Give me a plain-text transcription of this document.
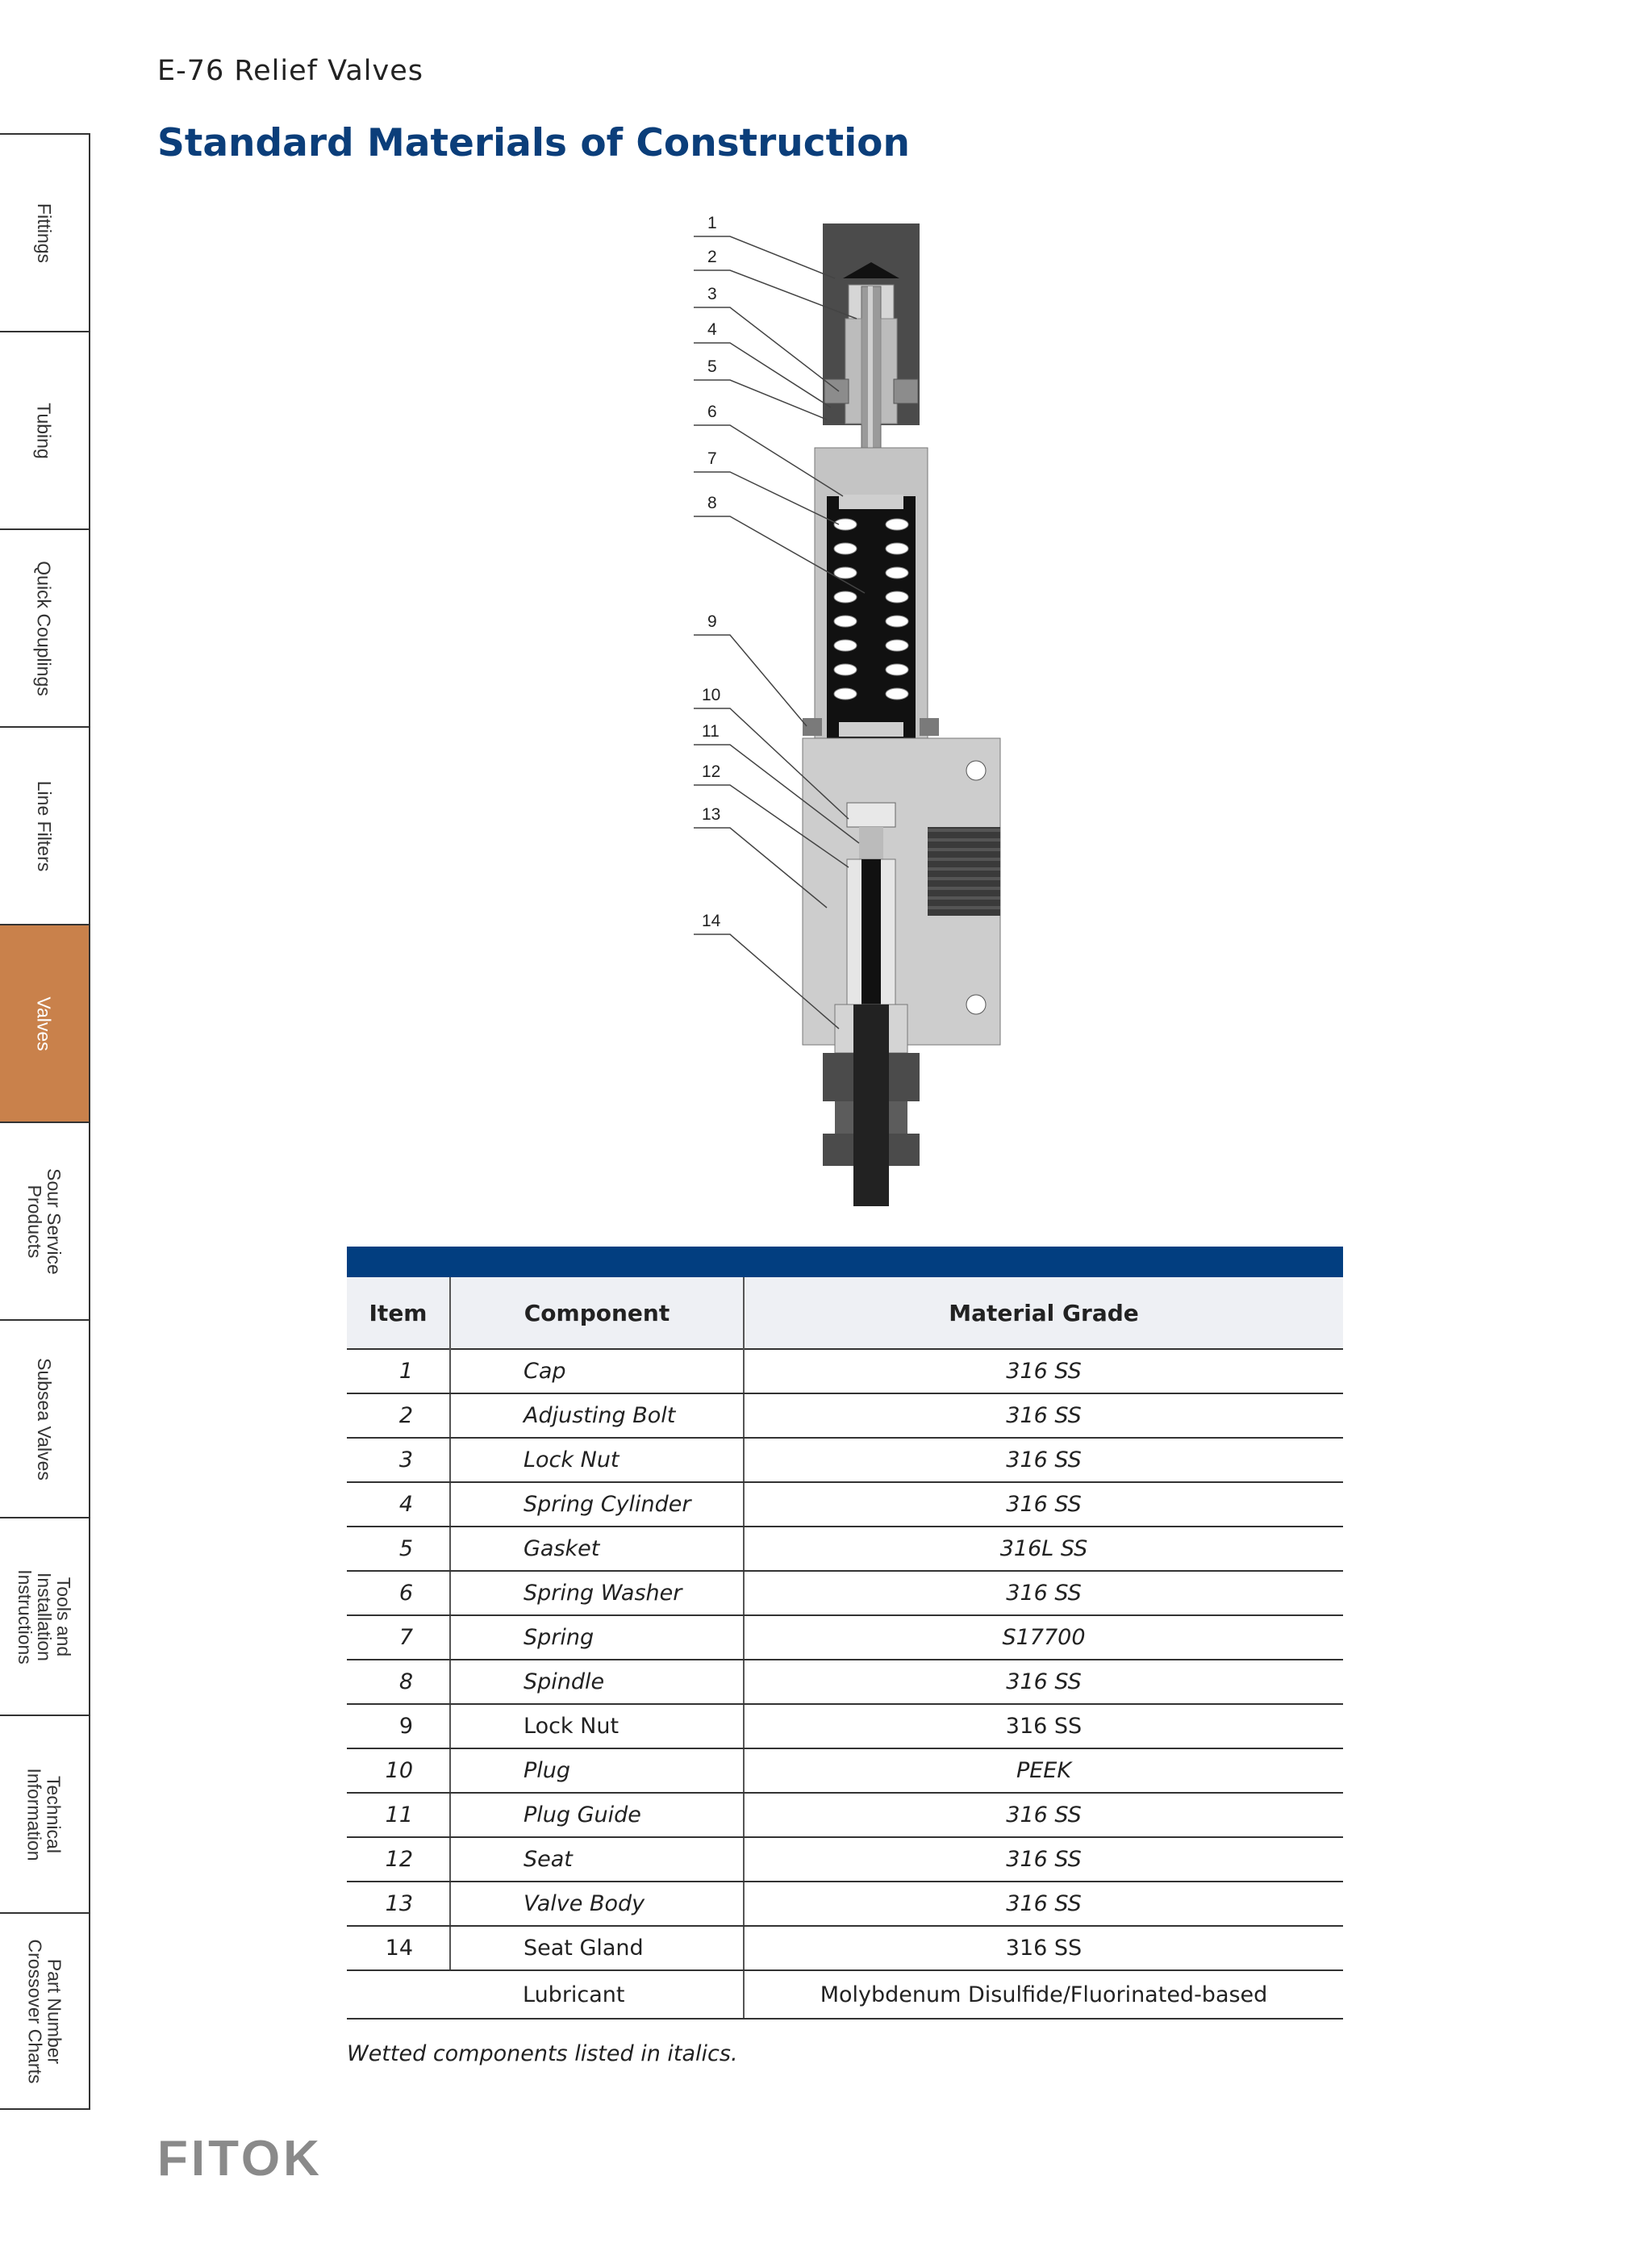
E-76 Relief Valves
Standard Materials of Construction
Fittings
Tubing
Quick Couplings
Line Filters
Valves
Sour Service
Products
Subsea Valves
Tools and
Installation
Instructions
Technical
Information
Part Number
Crossover Charts
1
2
3
4
5
6
7
8
9
10
11
12
13
14
Item	Component	Material Grade
1	Cap	316 SS
2	Adjusting Bolt	316 SS
3	Lock Nut	316 SS
4	Spring Cylinder	316 SS
5	Gasket	316L SS
6	Spring Washer	316 SS
7	Spring	S17700
8	Spindle	316 SS
9	Lock Nut	316 SS
10	Plug	PEEK
11	Plug Guide	316 SS
12	Seat	316 SS
13	Valve Body	316 SS
14	Seat Gland	316 SS
	Lubricant	Molybdenum Disulfide/Fluorinated-based
Wetted components listed in italics.
FITOK
